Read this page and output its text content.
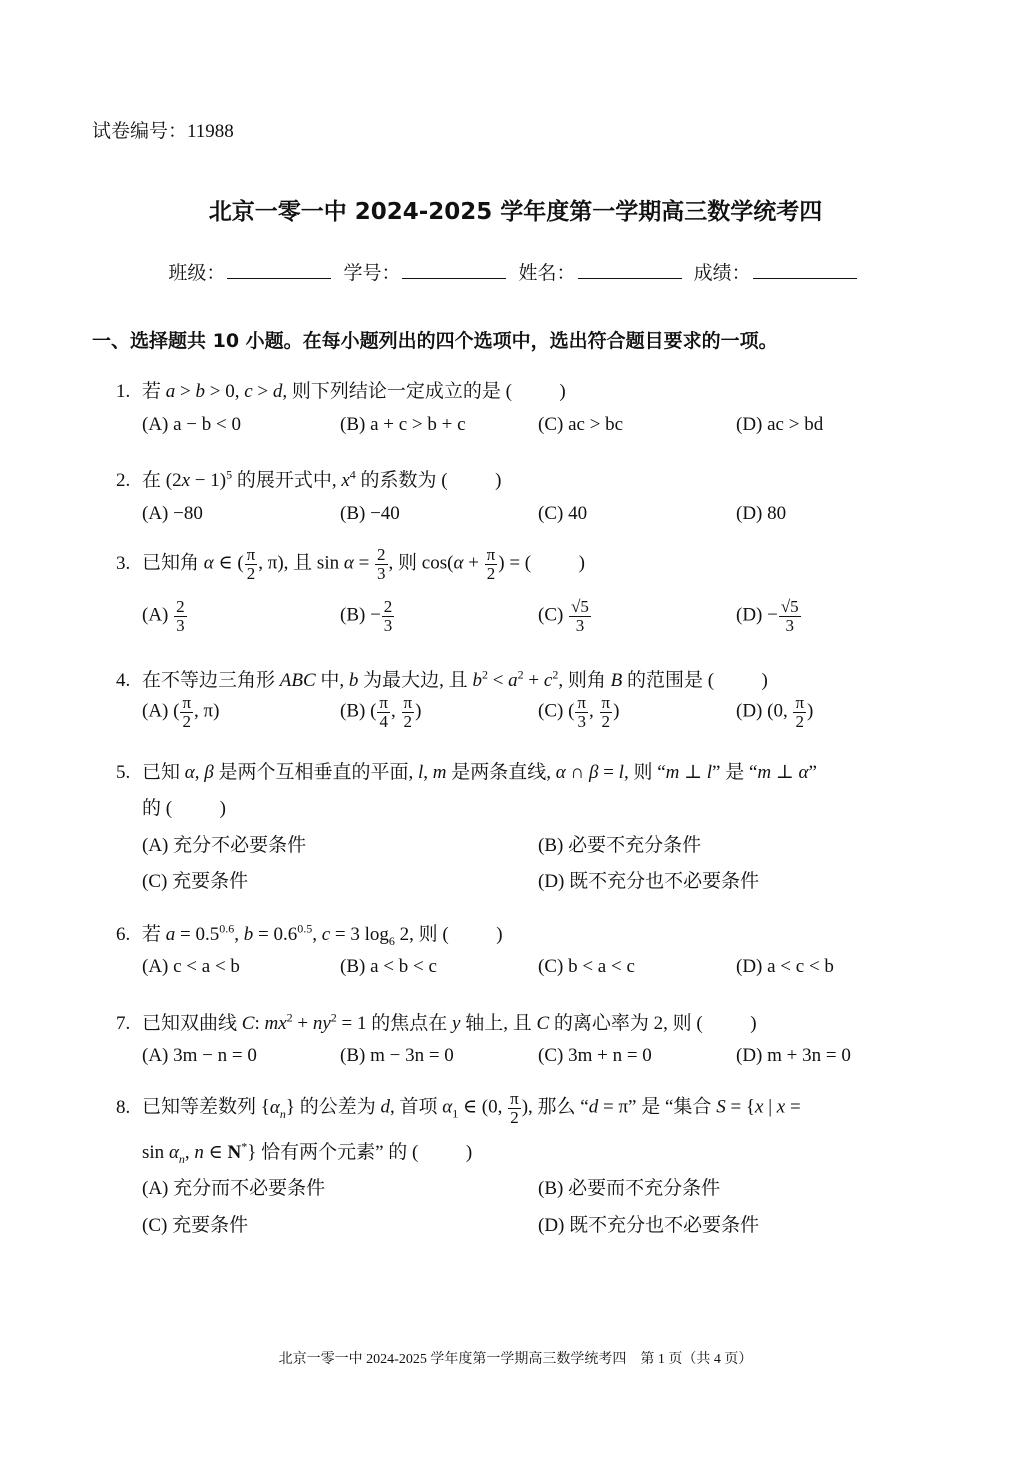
试卷编号：11988
北京一零一中 2024-2025 学年度第一学期高三数学统考四
班级：	学号：	姓名：	成绩：
一、选择题共 10 小题。在每小题列出的四个选项中，选出符合题目要求的一项。
1. 若 a > b > 0, c > d, 则下列结论一定成立的是 (          )
(A) a − b < 0	(B) a + c > b + c	(C) ac > bc	(D) ac > bd
2. 在 $(2x - 1)^5$ 的展开式中, $x^4$ 的系数为 (          )
(A) −80	(B) −40	(C) 40	(D) 80
3. 已知角 α ∈ ( $\frac{\pi}{2}$ , π), 且 $\sin \alpha = \frac{2}{3}$ , 则 $\cos(\alpha + \frac{\pi}{2}$ ) = (          )
$(A) \frac{2}{3}$	$(B) - \frac{2}{3}$	$(C) \frac{√5}{3}$	$(D) - \frac{√5}{3}$
4. 在不等边三角形 ABC 中, b 为最大边, 且 $b^2 < a^2 + c^2$, 则角 B 的范围是 (          )
(A) ( $\frac{\pi}{2}$ , π)	(B) ( $\frac{\pi}{4}$ , $\frac{\pi}{2}$ )	(C) ( $\frac{\pi}{3}$ , $\frac{\pi}{2}$ )	(D) (0, $\frac{\pi}{2}$ )
5. 已知 α, β 是两个互相垂直的平面, l, m 是两条直线, α ∩ β = l, 则 “m ⊥ l” 是 “m ⊥ α”
的 (          )
(A) 充分不必要条件	(B) 必要不充分条件
(C) 充要条件	(D) 既不充分也不必要条件
6. 若 $a = 0.5^{0.6}$, $b = 0.6^{0.5}$, c = 3 $\log_6 2$, 则 (          )
(A) c < a < b	(B) a < b < c	(C) b < a < c	(D) a < c < b
7. 已知双曲线 C: $mx^2 + ny^2 = 1$ 的焦点在 y 轴上, 且 C 的离心率为 2, 则 (          )
(A) 3m − n = 0	(B) m − 3n = 0	(C) 3m + n = 0	(D) m + 3n = 0
8. 已知等差数列 $\{\alpha_n\}$ 的公差为 d, 首项 $\alpha_1$ ∈ (0, $\frac{\pi}{2}$ ), 那么 “d = π” 是 “集合 S = {x | x =
$\sin \alpha_n$, n ∈ N*} 恰有两个元素” 的 (          )
(A) 充分而不必要条件	(B) 必要而不充分条件
(C) 充要条件	(D) 既不充分也不必要条件
北京一零一中 2024-2025 学年度第一学期高三数学统考四    第 1 页（共 4 页）
